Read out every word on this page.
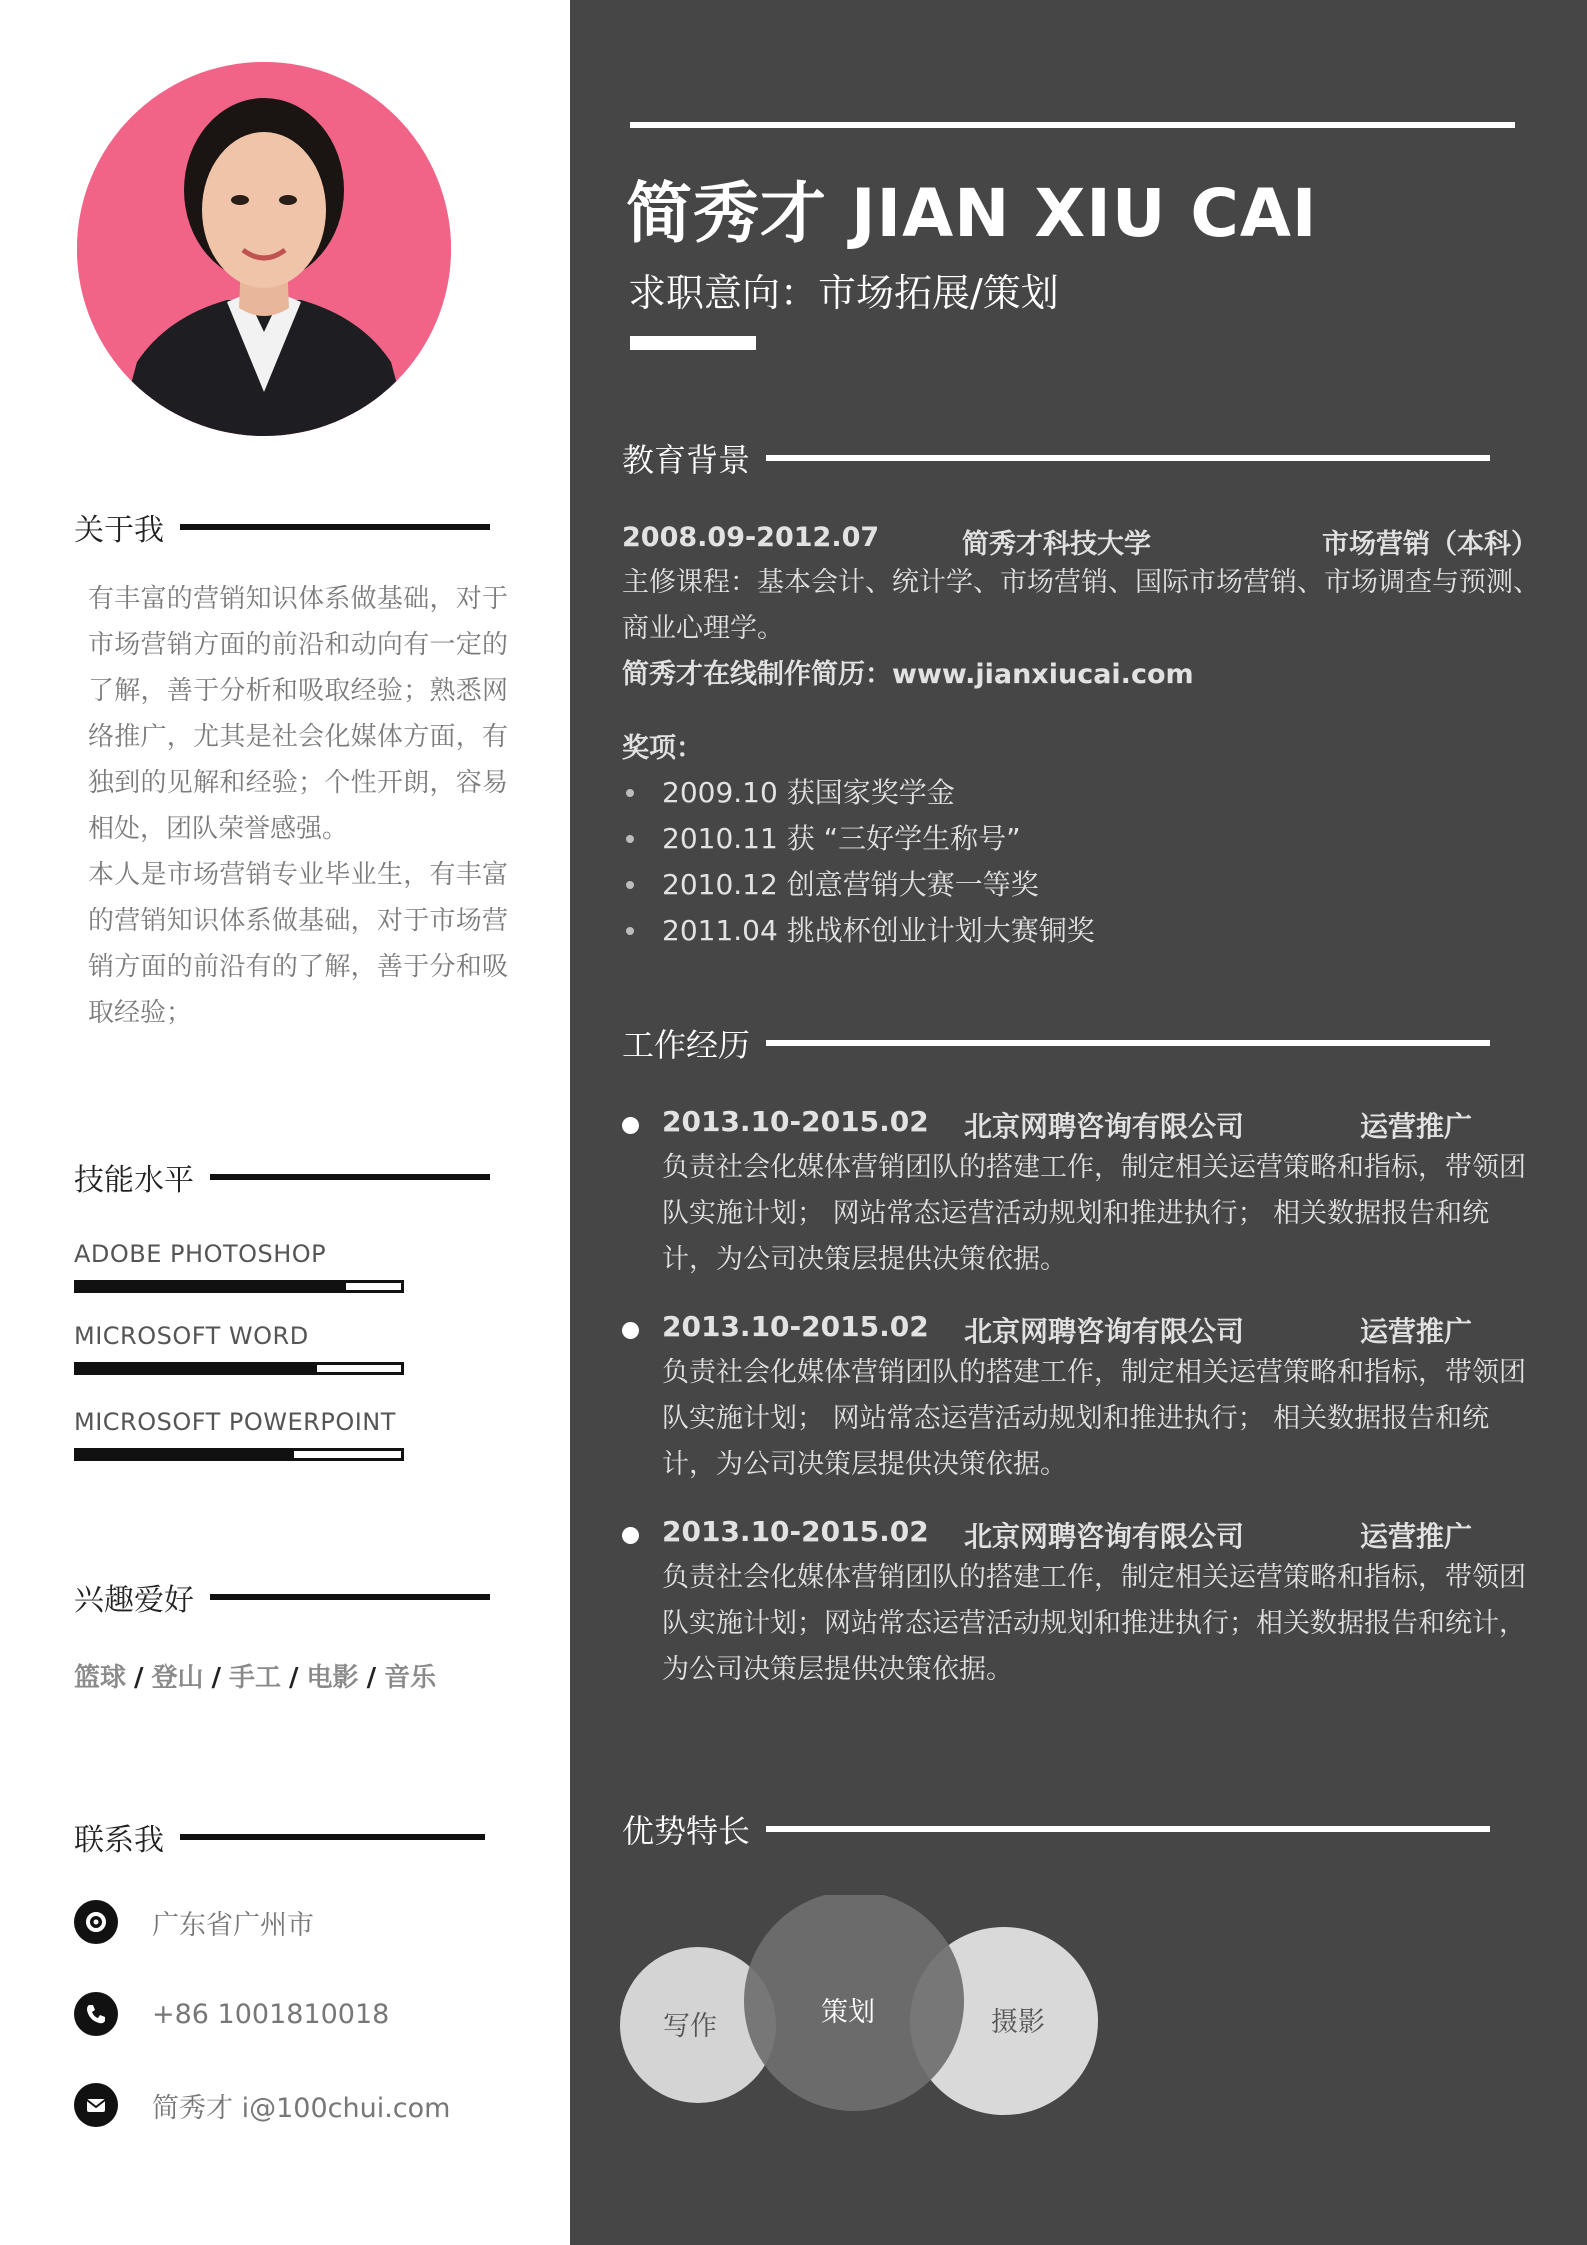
关于我

有丰富的营销知识体系做基础，对于市场营销方面的前沿和动向有一定的了解，善于分析和吸取经验；熟悉网络推广，尤其是社会化媒体方面，有独到的见解和经验；个性开朗，容易相处，团队荣誉感强。

本人是市场营销专业毕业生，有丰富的营销知识体系做基础，对于市场营销方面的前沿有的了解，善于分和吸取经验；

技能水平
ADOBE PHOTOSHOP
MICROSOFT WORD
MICROSOFT POWERPOINT
兴趣爱好
篮球 / 登山 / 手工 / 电影 / 音乐
联系我
广东省广州市
+86 1001810018
简秀才 i@100chui.com
简秀才 JIAN XIU CAI
求职意向：市场拓展/策划
教育背景
2008.09-2012.07	简秀才科技大学	市场营销（本科）
主修课程：基本会计、统计学、市场营销、国际市场营销、市场调查与预测、商业心理学。
简秀才在线制作简历：www.jianxiucai.com
奖项：
2009.10 获国家奖学金
2010.11 获 “三好学生称号”
2010.12 创意营销大赛一等奖
2011.04 挑战杯创业计划大赛铜奖
工作经历
2013.10-2015.02 北京网聘咨询有限公司	运营推广
负责社会化媒体营销团队的搭建工作，制定相关运营策略和指标，带领团队实施计划； 网站常态运营活动规划和推进执行； 相关数据报告和统计，为公司决策层提供决策依据。
2013.10-2015.02 北京网聘咨询有限公司	运营推广
负责社会化媒体营销团队的搭建工作，制定相关运营策略和指标，带领团队实施计划； 网站常态运营活动规划和推进执行； 相关数据报告和统计，为公司决策层提供决策依据。
2013.10-2015.02 北京网聘咨询有限公司	运营推广
负责社会化媒体营销团队的搭建工作，制定相关运营策略和指标，带领团队实施计划；网站常态运营活动规划和推进执行；相关数据报告和统计，为公司决策层提供决策依据。
优势特长
写作	策划	摄影
